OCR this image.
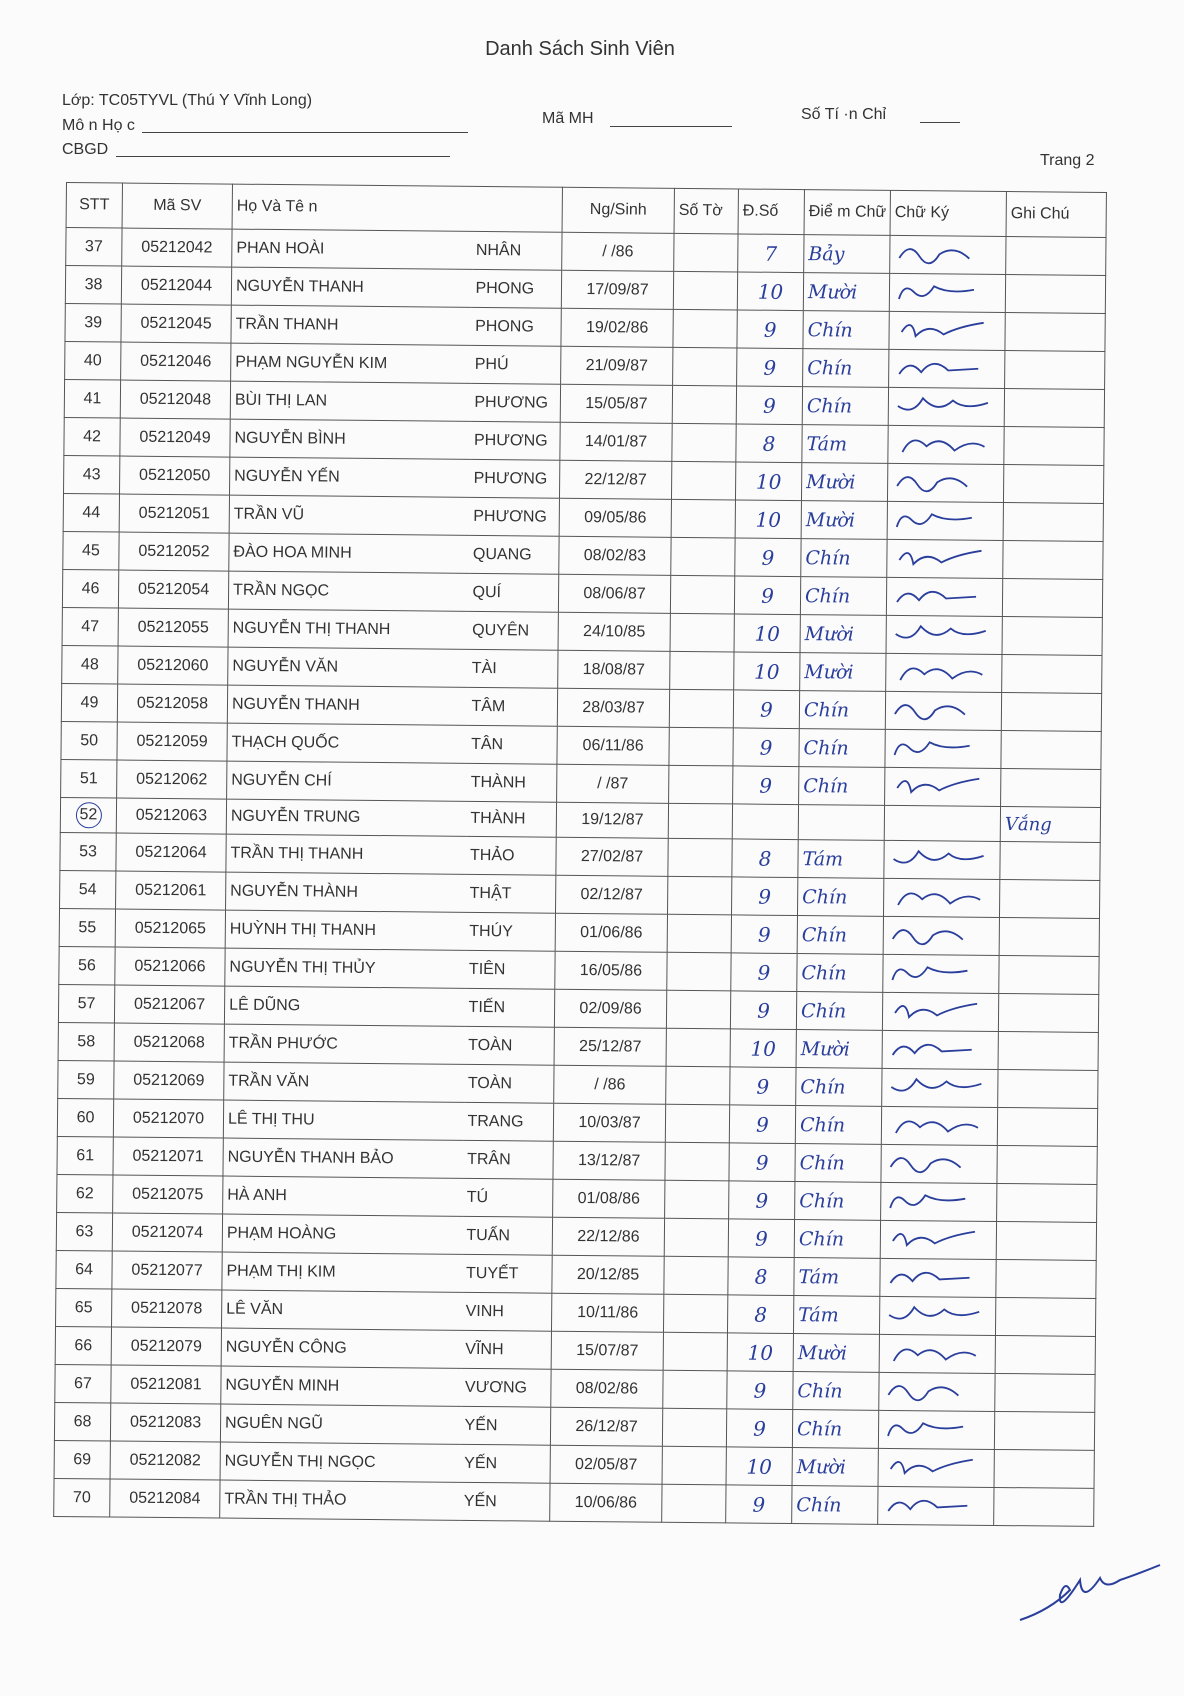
Danh Sách Sinh Viên
Lớp: TC05TYVL (Thú Y Vĩnh Long)
Mô n Họ c
CBGD
Mã MH	Số Tí ·n Chỉ
Trang 2
STT	Mã SV	Họ Và Tê n		Ng/Sinh	Số Tờ	Đ.Số	Điể m Chữ	Chữ Ký	Ghi Chú
37	05212042	PHAN HOÀI	NHÂN	/ /86		7	Bảy		
38	05212044	NGUYỄN THANH	PHONG	17/09/87		10	Mười		
39	05212045	TRẦN THANH	PHONG	19/02/86		9	Chín		
40	05212046	PHẠM NGUYỄN KIM	PHÚ	21/09/87		9	Chín		
41	05212048	BÙI THỊ LAN	PHƯƠNG	15/05/87		9	Chín		
42	05212049	NGUYỄN BÌNH	PHƯƠNG	14/01/87		8	Tám		
43	05212050	NGUYỄN YẾN	PHƯƠNG	22/12/87		10	Mười		
44	05212051	TRẦN VŨ	PHƯƠNG	09/05/86		10	Mười		
45	05212052	ĐÀO HOA MINH	QUANG	08/02/83		9	Chín		
46	05212054	TRẦN NGỌC	QUÍ	08/06/87		9	Chín		
47	05212055	NGUYỄN THỊ THANH	QUYÊN	24/10/85		10	Mười		
48	05212060	NGUYỄN VĂN	TÀI	18/08/87		10	Mười		
49	05212058	NGUYỄN THANH	TÂM	28/03/87		9	Chín		
50	05212059	THẠCH QUỐC	TÂN	06/11/86		9	Chín		
51	05212062	NGUYỄN CHÍ	THÀNH	/ /87		9	Chín		
52	05212063	NGUYỄN TRUNG	THÀNH	19/12/87					Vắng
53	05212064	TRẦN THỊ THANH	THẢO	27/02/87		8	Tám		
54	05212061	NGUYỄN THÀNH	THẬT	02/12/87		9	Chín		
55	05212065	HUỲNH THỊ THANH	THÚY	01/06/86		9	Chín		
56	05212066	NGUYỄN THỊ THỦY	TIÊN	16/05/86		9	Chín		
57	05212067	LÊ DŨNG	TIẾN	02/09/86		9	Chín		
58	05212068	TRẦN PHƯỚC	TOÀN	25/12/87		10	Mười		
59	05212069	TRẦN VĂN	TOÀN	/ /86		9	Chín		
60	05212070	LÊ THỊ THU	TRANG	10/03/87		9	Chín		
61	05212071	NGUYỄN THANH BẢO	TRÂN	13/12/87		9	Chín		
62	05212075	HÀ ANH	TÚ	01/08/86		9	Chín		
63	05212074	PHẠM HOÀNG	TUẤN	22/12/86		9	Chín		
64	05212077	PHẠM THỊ KIM	TUYẾT	20/12/85		8	Tám		
65	05212078	LÊ VĂN	VINH	10/11/86		8	Tám		
66	05212079	NGUYỄN CÔNG	VĨNH	15/07/87		10	Mười		
67	05212081	NGUYỄN MINH	VƯƠNG	08/02/86		9	Chín		
68	05212083	NGUÊN NGŨ	YẾN	26/12/87		9	Chín		
69	05212082	NGUYỄN THỊ NGỌC	YẾN	02/05/87		10	Mười		
70	05212084	TRẦN THỊ THẢO	YẾN	10/06/86		9	Chín		
